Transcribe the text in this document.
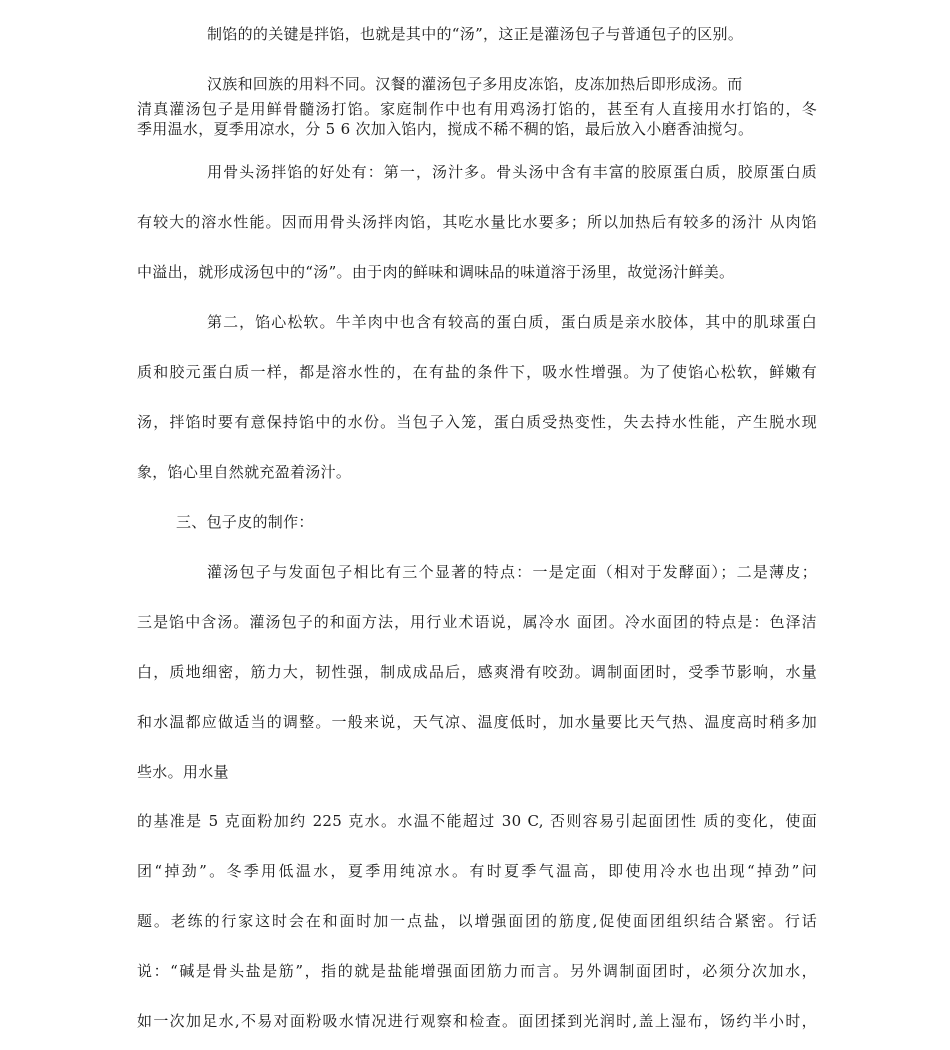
制馅的的关键是拌馅，也就是其中的“汤”，这正是灌汤包子与普通包子的区别。
汉族和回族的用料不同。汉餐的灌汤包子多用皮冻馅，皮冻加热后即形成汤。而
清真灌汤包子是用鲜骨髓汤打馅。家庭制作中也有用鸡汤打馅的，甚至有人直接用水打馅的，冬
季用温水，夏季用凉水，分 5 6 次加入馅内，搅成不稀不稠的馅，最后放入小磨香油搅匀。
用骨头汤拌馅的好处有：第一，汤汁多。骨头汤中含有丰富的胶原蛋白质，胶原蛋白质
有较大的溶水性能。因而用骨头汤拌肉馅，其吃水量比水要多；所以加热后有较多的汤汁 从肉馅
中溢出，就形成汤包中的“汤”。由于肉的鲜味和调味品的味道溶于汤里，故觉汤汁鲜美。
第二，馅心松软。牛羊肉中也含有较高的蛋白质，蛋白质是亲水胶体，其中的肌球蛋白
质和胶元蛋白质一样，都是溶水性的，在有盐的条件下，吸水性增强。为了使馅心松软，鲜嫩有
汤，拌馅时要有意保持馅中的水份。当包子入笼，蛋白质受热变性，失去持水性能，产生脱水现
象，馅心里自然就充盈着汤汁。
三、包子皮的制作：
灌汤包子与发面包子相比有三个显著的特点：一是定面（相对于发酵面）；二是薄皮；
三是馅中含汤。灌汤包子的和面方法，用行业术语说，属冷水 面团。冷水面团的特点是：色泽洁
白，质地细密，筋力大，韧性强，制成成品后，感爽滑有咬劲。调制面团时，受季节影响，水量
和水温都应做适当的调整。一般来说，天气凉、温度低时，加水量要比天气热、温度高时稍多加
些水。用水量
的基准是 5 克面粉加约 225 克水。水温不能超过 30 C, 否则容易引起面团性 质的变化，使面
团“掉劲”。冬季用低温水，夏季用纯凉水。有时夏季气温高，即使用冷水也出现“掉劲”问
题。老练的行家这时会在和面时加一点盐，以增强面团的筋度,促使面团组织结合紧密。行话
说：“碱是骨头盐是筋”，指的就是盐能增强面团筋力而言。另外调制面团时，必须分次加水，
如一次加足水,不易对面粉吸水情况进行观察和检查。面团揉到光润时,盖上湿布，饧约半小时，
